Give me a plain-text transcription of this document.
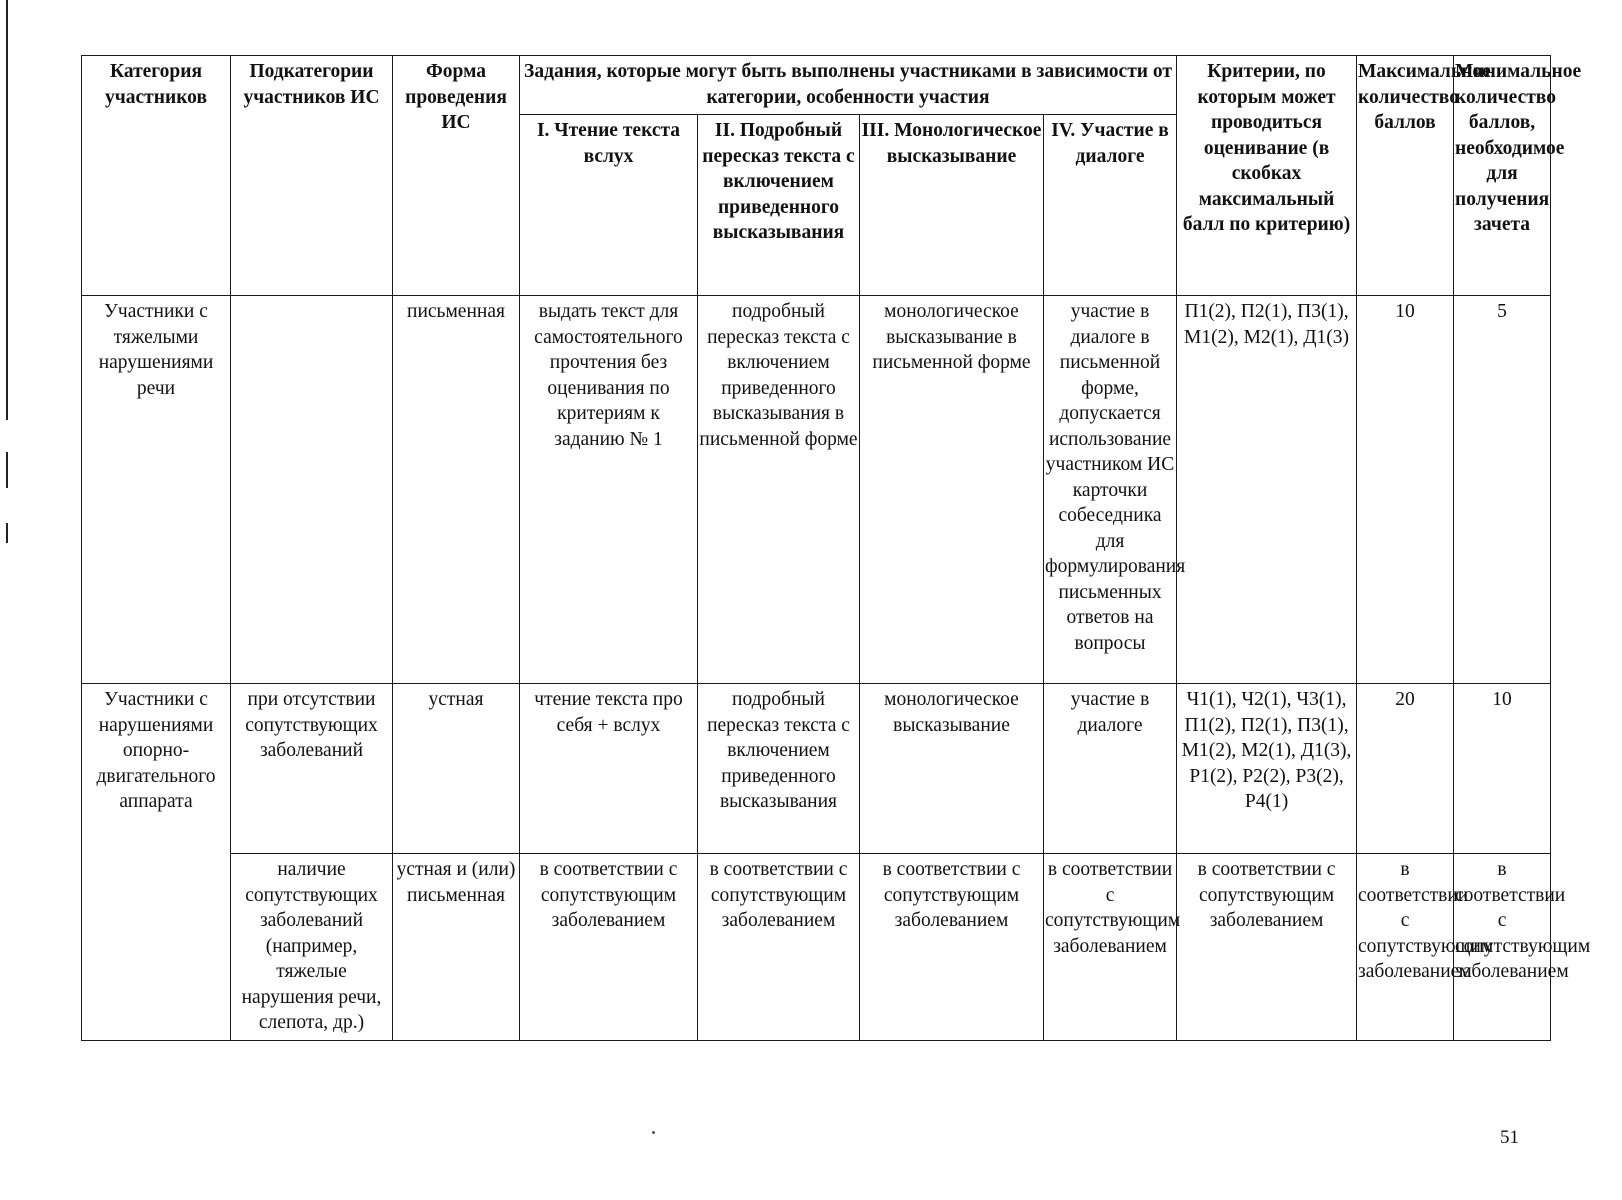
Категория участников	Подкатегории участников ИС	Форма проведения ИС	Задания, которые могут быть выполнены участниками в зависимости от категории, особенности участия				Критерии, по которым может проводиться оценивание (в скобках максимальный балл по критерию)	Максимальное количество баллов	Минимальное количество баллов, необходимое для получения зачета
			I. Чтение текста вслух	II. Подробный пересказ текста с включением приведенного высказывания	III. Монологическое высказывание	IV. Участие в диалоге			
Участники с тяжелыми нарушениями речи		письменная	выдать текст для самостоятельного прочтения без оценивания по критериям к заданию № 1	подробный пересказ текста с включением приведенного высказывания в письменной форме	монологическое высказывание в письменной форме	участие в диалоге в письменной форме, допускается использование участником ИС карточки собеседника для формулирования письменных ответов на вопросы	П1(2), П2(1), П3(1), М1(2), М2(1), Д1(3)	10	5
Участники с нарушениями опорно-двигательного аппарата	при отсутствии сопутствующих заболеваний	устная	чтение текста про себя + вслух	подробный пересказ текста с включением приведенного высказывания	монологическое высказывание	участие в диалоге	Ч1(1), Ч2(1), Ч3(1), П1(2), П2(1), П3(1), М1(2), М2(1), Д1(3), Р1(2), Р2(2), Р3(2), Р4(1)	20	10
	наличие сопутствующих заболеваний (например, тяжелые нарушения речи, слепота, др.)	устная и (или) письменная	в соответствии с сопутствующим заболеванием	в соответствии с сопутствующим заболеванием	в соответствии с сопутствующим заболеванием	в соответствии с сопутствующим заболеванием	в соответствии с сопутствующим заболеванием	в соответствии с сопутствующим заболеванием	в соответствии с сопутствующим заболеванием
51
